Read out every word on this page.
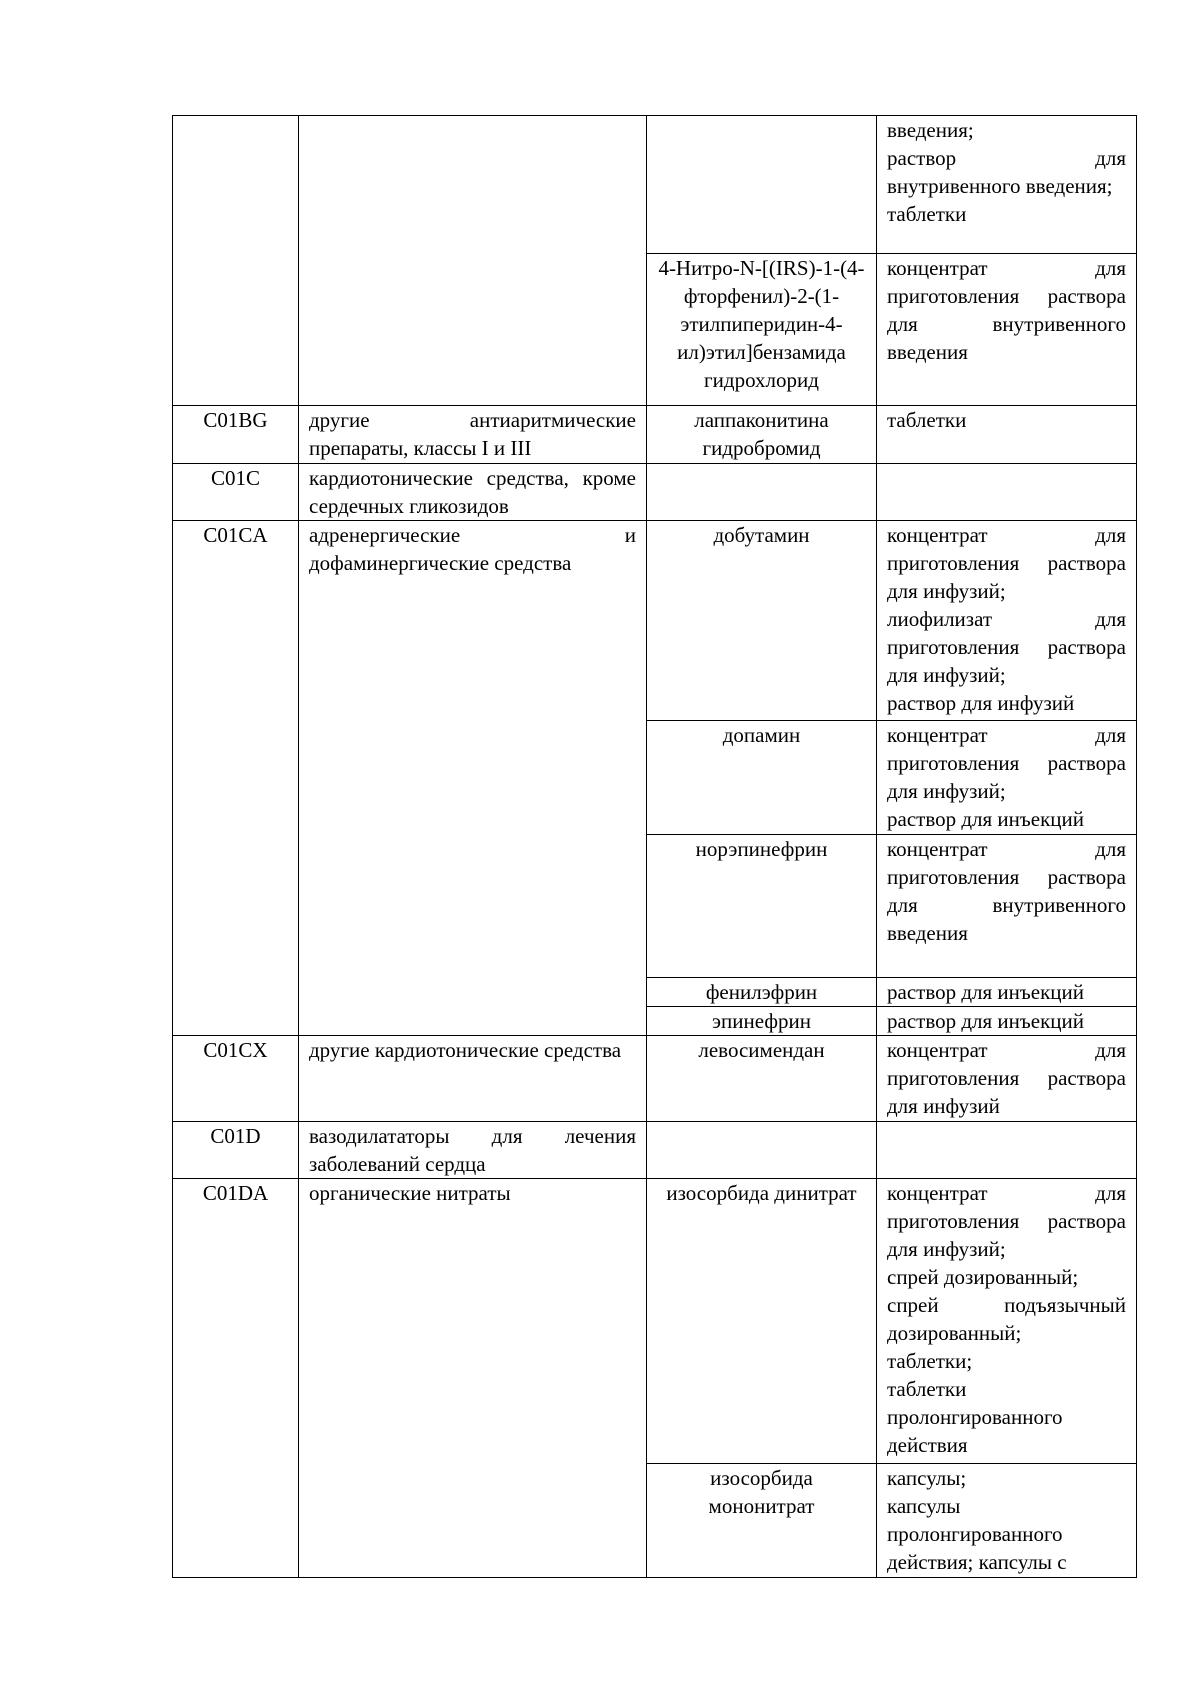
			введения;
раствор для внутривенного введения;
таблетки
		4-Нитро-N-[(IRS)-1-(4-фторфенил)-2-(1-этилпиперидин-4-ил)этил]бензамида гидрохлорид	концентрат для приготовления раствора для внутривенного введения
C01BG	другие антиаритмические препараты, классы I и III	лаппаконитина гидробромид	таблетки
C01C	кардиотонические средства, кроме сердечных гликозидов		
C01CA	адренергические и дофаминергические средства	добутамин	концентрат для приготовления раствора для инфузий;
лиофилизат для приготовления раствора для инфузий;
раствор для инфузий
		допамин	концентрат для приготовления раствора для инфузий;
раствор для инъекций
		норэпинефрин	концентрат для приготовления раствора для внутривенного введения
		фенилэфрин	раствор для инъекций
		эпинефрин	раствор для инъекций
C01CX	другие кардиотонические средства	левосимендан	концентрат для приготовления раствора для инфузий
C01D	вазодилататоры для лечения заболеваний сердца		
C01DA	органические нитраты	изосорбида динитрат	концентрат для приготовления раствора для инфузий;
спрей дозированный;
спрей подъязычный дозированный;
таблетки;
таблетки пролонгированного действия
		изосорбида мононитрат	капсулы;
капсулы пролонгированного действия; капсулы с
